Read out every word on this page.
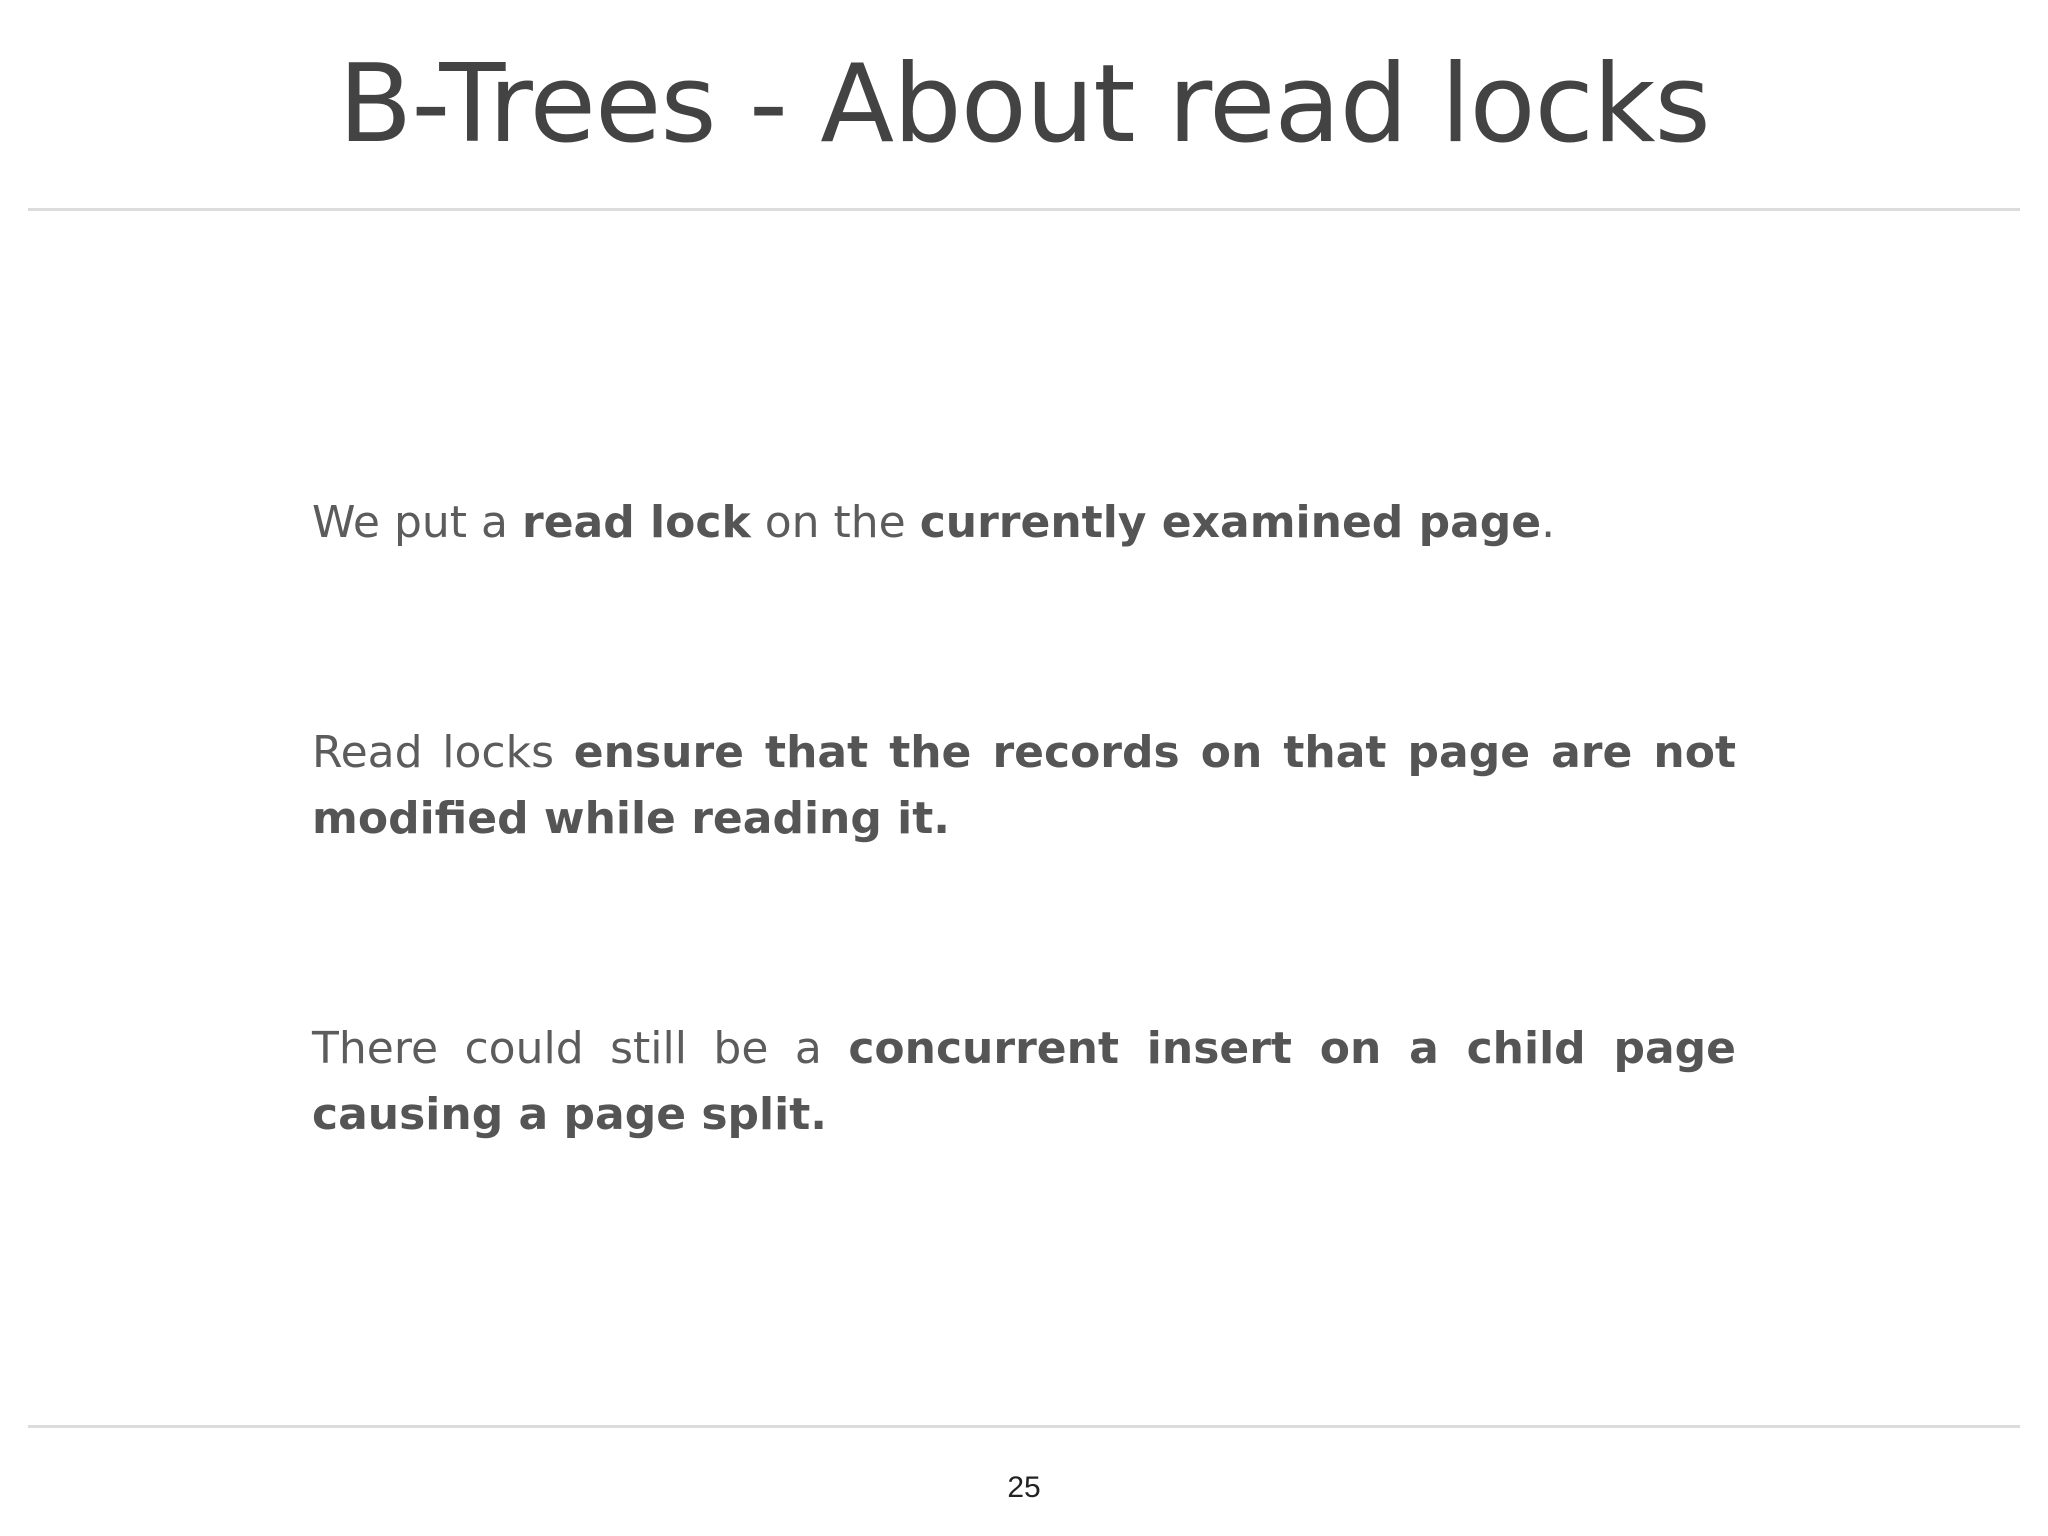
B-Trees - About read locks

We put a read lock on the currently examined page.

Read locks ensure that the records on that page are not modified while reading it.

There could still be a concurrent insert on a child page causing a page split.

25
